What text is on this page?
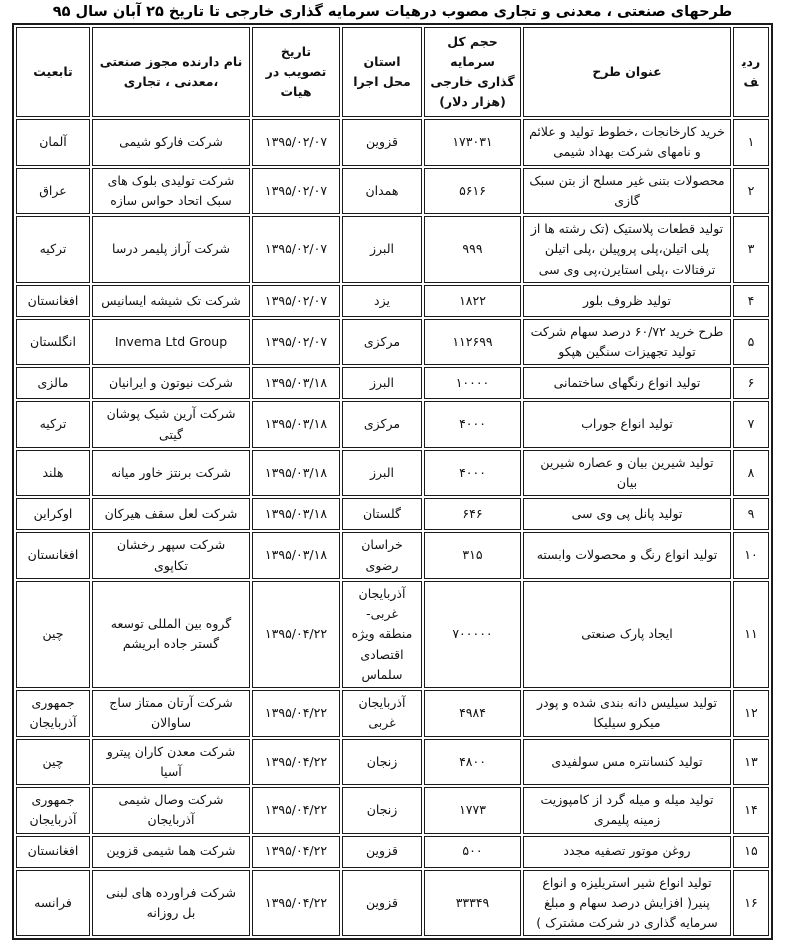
طرحهای صنعتی ، معدنی و تجاری مصوب درهیات سرمایه گذاری خارجی تا تاریخ ۲۵ آبان سال ۹۵
ردیف	عنوان طرح	حجم کل سرمایه گذاری خارجی (هزار دلار)	استان محل اجرا	تاریخ تصویب در هیات	نام دارنده مجوز صنعتی ،معدنی ، تجاری	تابعیت
۱	خرید کارخانجات ،خطوط تولید و علائم و نامهای شرکت بهداد شیمی	۱۷۳۰۳۱	قزوین	۱۳۹۵/۰۲/۰۷	شرکت فارکو شیمی	آلمان
۲	محصولات بتنی غیر مسلح از بتن سبک گازی	۵۶۱۶	همدان	۱۳۹۵/۰۲/۰۷	شرکت تولیدی بلوک های سبک اتحاد حواس سازه	عراق
۳	تولید قطعات پلاستیک (تک رشته ها از پلی اتیلن،پلی پروپیلن ،پلی اتیلن ترفتالات ،پلی استایرن،پی وی سی	۹۹۹	البرز	۱۳۹۵/۰۲/۰۷	شرکت آراز پلیمر درسا	ترکیه
۴	تولید ظروف بلور	۱۸۲۲	یزد	۱۳۹۵/۰۲/۰۷	شرکت تک شیشه ایسانیس	افغانستان
۵	طرح خرید ۶۰/۷۲ درصد سهام شرکت تولید تجهیزات سنگین هپکو	۱۱۲۶۹۹	مرکزی	۱۳۹۵/۰۲/۰۷	Invema Ltd Group	انگلستان
۶	تولید انواع رنگهای ساختمانی	۱۰۰۰۰	البرز	۱۳۹۵/۰۳/۱۸	شرکت نیوتون و ایرانیان	مالزی
۷	تولید انواع جوراب	۴۰۰۰	مرکزی	۱۳۹۵/۰۳/۱۸	شرکت آرین شیک پوشان گیتی	ترکیه
۸	تولید شیرین بیان و عصاره شیرین بیان	۴۰۰۰	البرز	۱۳۹۵/۰۳/۱۸	شرکت برنتز خاور میانه	هلند
۹	تولید پانل پی وی سی	۶۴۶	گلستان	۱۳۹۵/۰۳/۱۸	شرکت لعل سقف هیرکان	اوکراین
۱۰	تولید انواع رنگ و محصولات وابسته	۳۱۵	خراسان رضوی	۱۳۹۵/۰۳/۱۸	شرکت سپهر رخشان تکاپوی	افغانستان
۱۱	ایجاد پارک صنعتی	۷۰۰۰۰۰	آذربایجان غربی- منطقه ویژه اقتصادی سلماس	۱۳۹۵/۰۴/۲۲	گروه بین المللی توسعه گستر جاده ابریشم	چین
۱۲	تولید سیلیس دانه بندی شده و پودر میکرو سیلیکا	۴۹۸۴	آذربایجان غربی	۱۳۹۵/۰۴/۲۲	شرکت آرتان ممتاز ساج ساوالان	جمهوری آذربایجان
۱۳	تولید کنسانتره مس سولفیدی	۴۸۰۰	زنجان	۱۳۹۵/۰۴/۲۲	شرکت معدن کاران پیترو آسیا	چین
۱۴	تولید میله و میله گرد از کامپوزیت زمینه پلیمری	۱۷۷۳	زنجان	۱۳۹۵/۰۴/۲۲	شرکت وصال شیمی آذربایجان	جمهوری آذربایجان
۱۵	روغن موتور تصفیه مجدد	۵۰۰	قزوین	۱۳۹۵/۰۴/۲۲	شرکت هما شیمی قزوین	افغانستان
۱۶	تولید انواع شیر استریلیزه و انواع پنیر( افزایش درصد سهام و مبلغ سرمایه گذاری در شرکت مشترک )	۳۳۳۴۹	قزوین	۱۳۹۵/۰۴/۲۲	شرکت فراورده های لبنی بل روزانه	فرانسه
